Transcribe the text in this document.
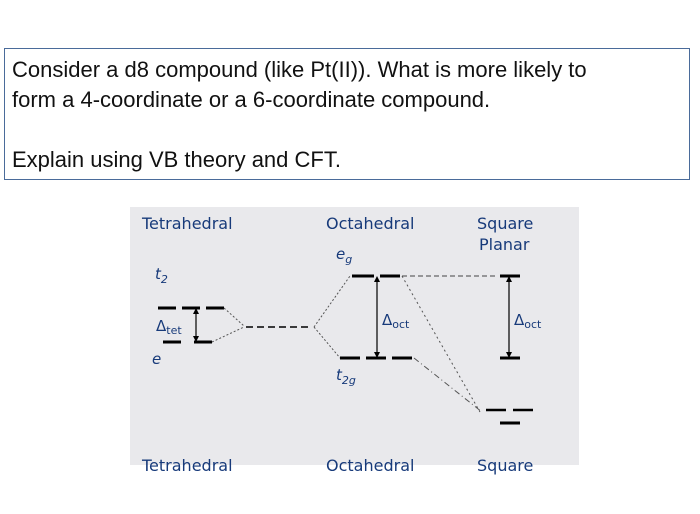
Consider a d8 compound (like Pt(II)). What is more likely to
form a 4-coordinate or a 6-coordinate compound.
Explain using VB theory and CFT.
Tetrahedral	Octahedral	Square
Planar
$t_2$
e
$\Delta_{tet}$
$e_g$
$t_{2g}$
$\Delta_{oct}$	$\Delta_{oct}$
Tetrahedral	Octahedral	Square
